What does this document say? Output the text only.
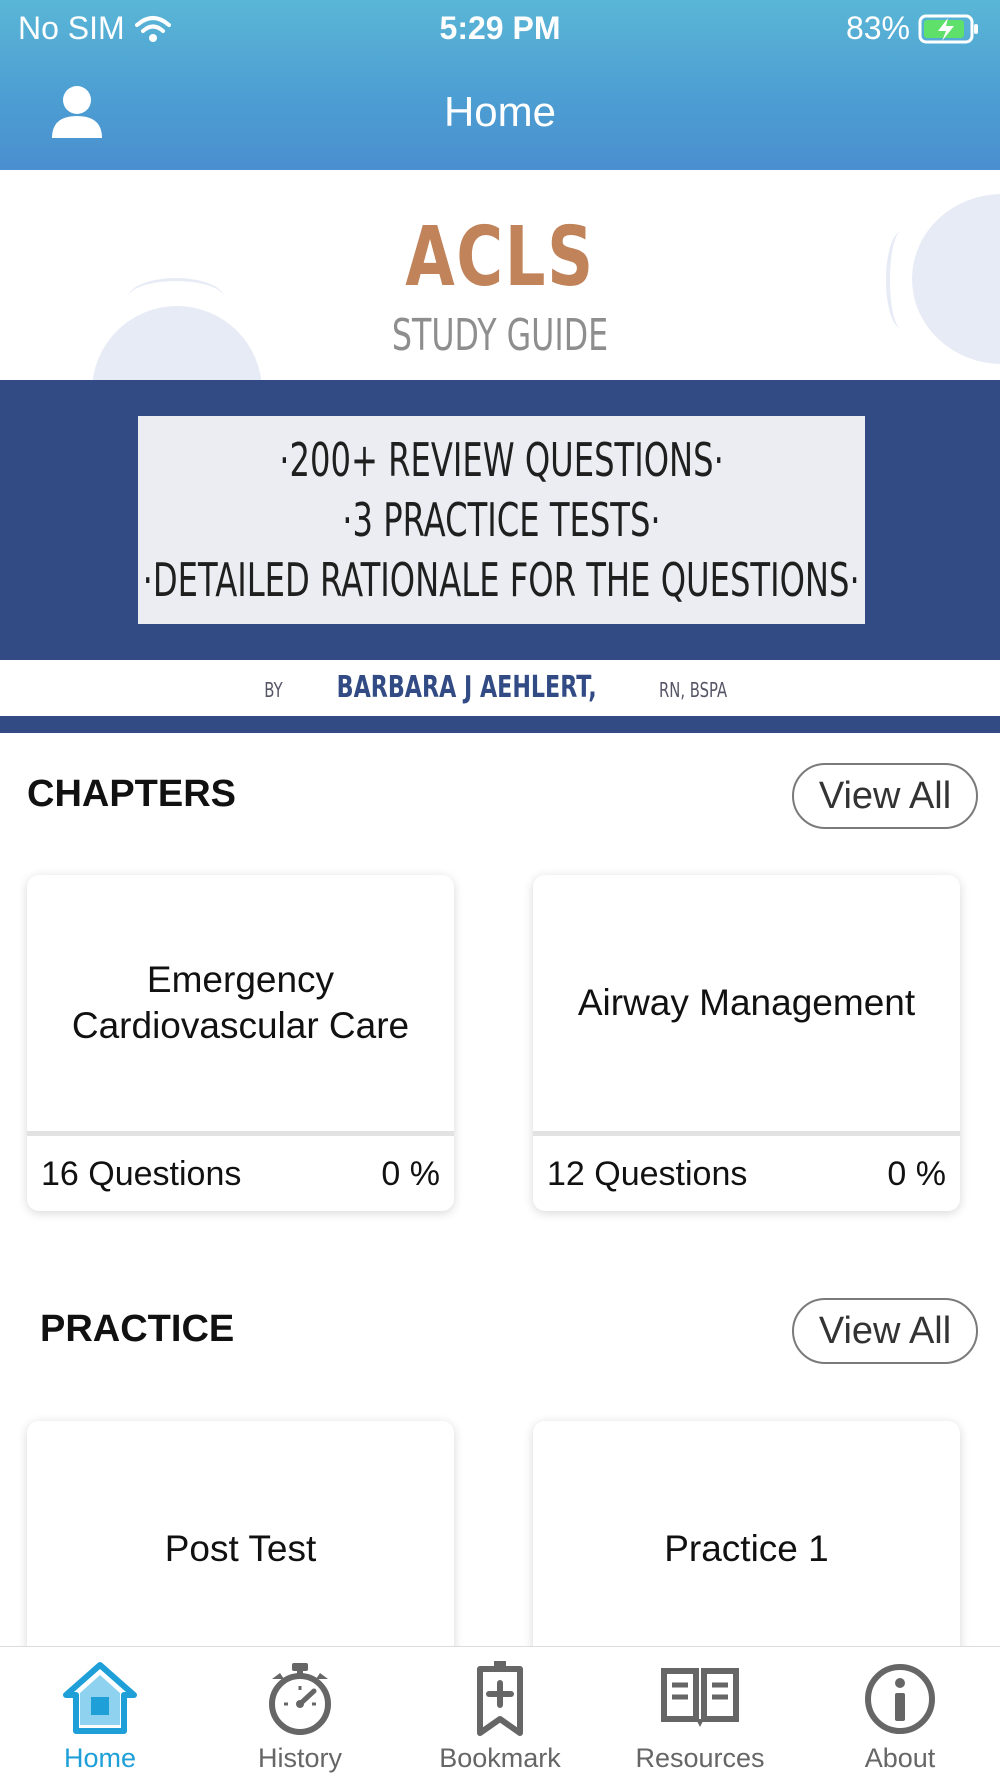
No SIM	5:29 PM	83%
Home
ACLS
STUDY GUIDE
·200+ REVIEW QUESTIONS·
·3 PRACTICE TESTS·
·DETAILED RATIONALE FOR THE QUESTIONS·
BY BARBARA J AEHLERT,	RN, BSPA
CHAPTERS	View All
Emergency Cardiovascular Care
16 Questions	0 %
Airway Management
12 Questions	0 %
PRACTICE	View All
Post Test	Practice 1
Home	History	Bookmark	Resources	About
